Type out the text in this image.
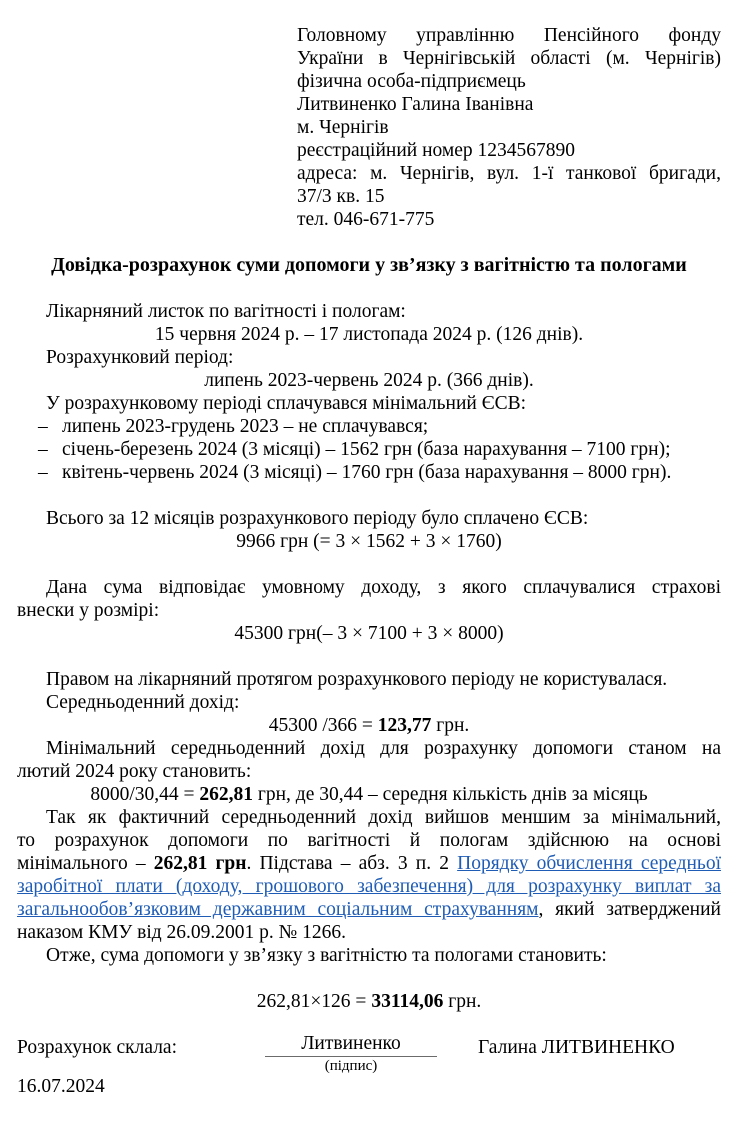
Головному управлінню Пенсійного фонду
України в Чернігівській області (м. Чернігів)
фізична особа-підприємець
Литвиненко Галина Іванівна
м. Чернігів
реєстраційний номер 1234567890
адреса: м. Чернігів, вул. 1-ї танкової бригади,
37/3 кв. 15
тел. 046-671-775
Довідка-розрахунок суми допомоги у зв’язку з вагітністю та пологами
Лікарняний листок по вагітності і пологам:
15 червня 2024 р. – 17 листопада 2024 р. (126 днів).
Розрахунковий період:
липень 2023-червень 2024 р. (366 днів).
У розрахунковому періоді сплачувався мінімальний ЄСВ:
– липень 2023-грудень 2023 – не сплачувався;
– січень-березень 2024 (3 місяці) – 1562 грн (база нарахування – 7100 грн);
– квітень-червень 2024 (3 місяці) – 1760 грн (база нарахування – 8000 грн).
Всього за 12 місяців розрахункового періоду було сплачено ЄСВ:
9966 грн (= 3 × 1562 + 3 × 1760)
Дана сума відповідає умовному доходу, з якого сплачувалися страхові
внески у розмірі:
45300 грн(– 3 × 7100 + 3 × 8000)
Правом на лікарняний протягом розрахункового періоду не користувалася.
Середньоденний дохід:
45300 /366 = 123,77 грн.
Мінімальний середньоденний дохід для розрахунку допомоги станом на
лютий 2024 року становить:
8000/30,44 = 262,81 грн, де 30,44 – середня кількість днів за місяць
Так як фактичний середньоденний дохід вийшов меншим за мінімальний,
то розрахунок допомоги по вагітності й пологам здійснюю на основі
мінімального – 262,81 грн. Підстава – абз. 3 п. 2 Порядку обчислення середньої
заробітної плати (доходу, грошового забезпечення) для розрахунку виплат за
загальнообов’язковим державним соціальним страхуванням, який затверджений
наказом КМУ від 26.09.2001 р. № 1266.
Отже, сума допомоги у зв’язку з вагітністю та пологами становить:
262,81×126 = 33114,06 грн.
Розрахунок склала:	Литвиненко
(підпис)
Галина ЛИТВИНЕНКО
16.07.2024
